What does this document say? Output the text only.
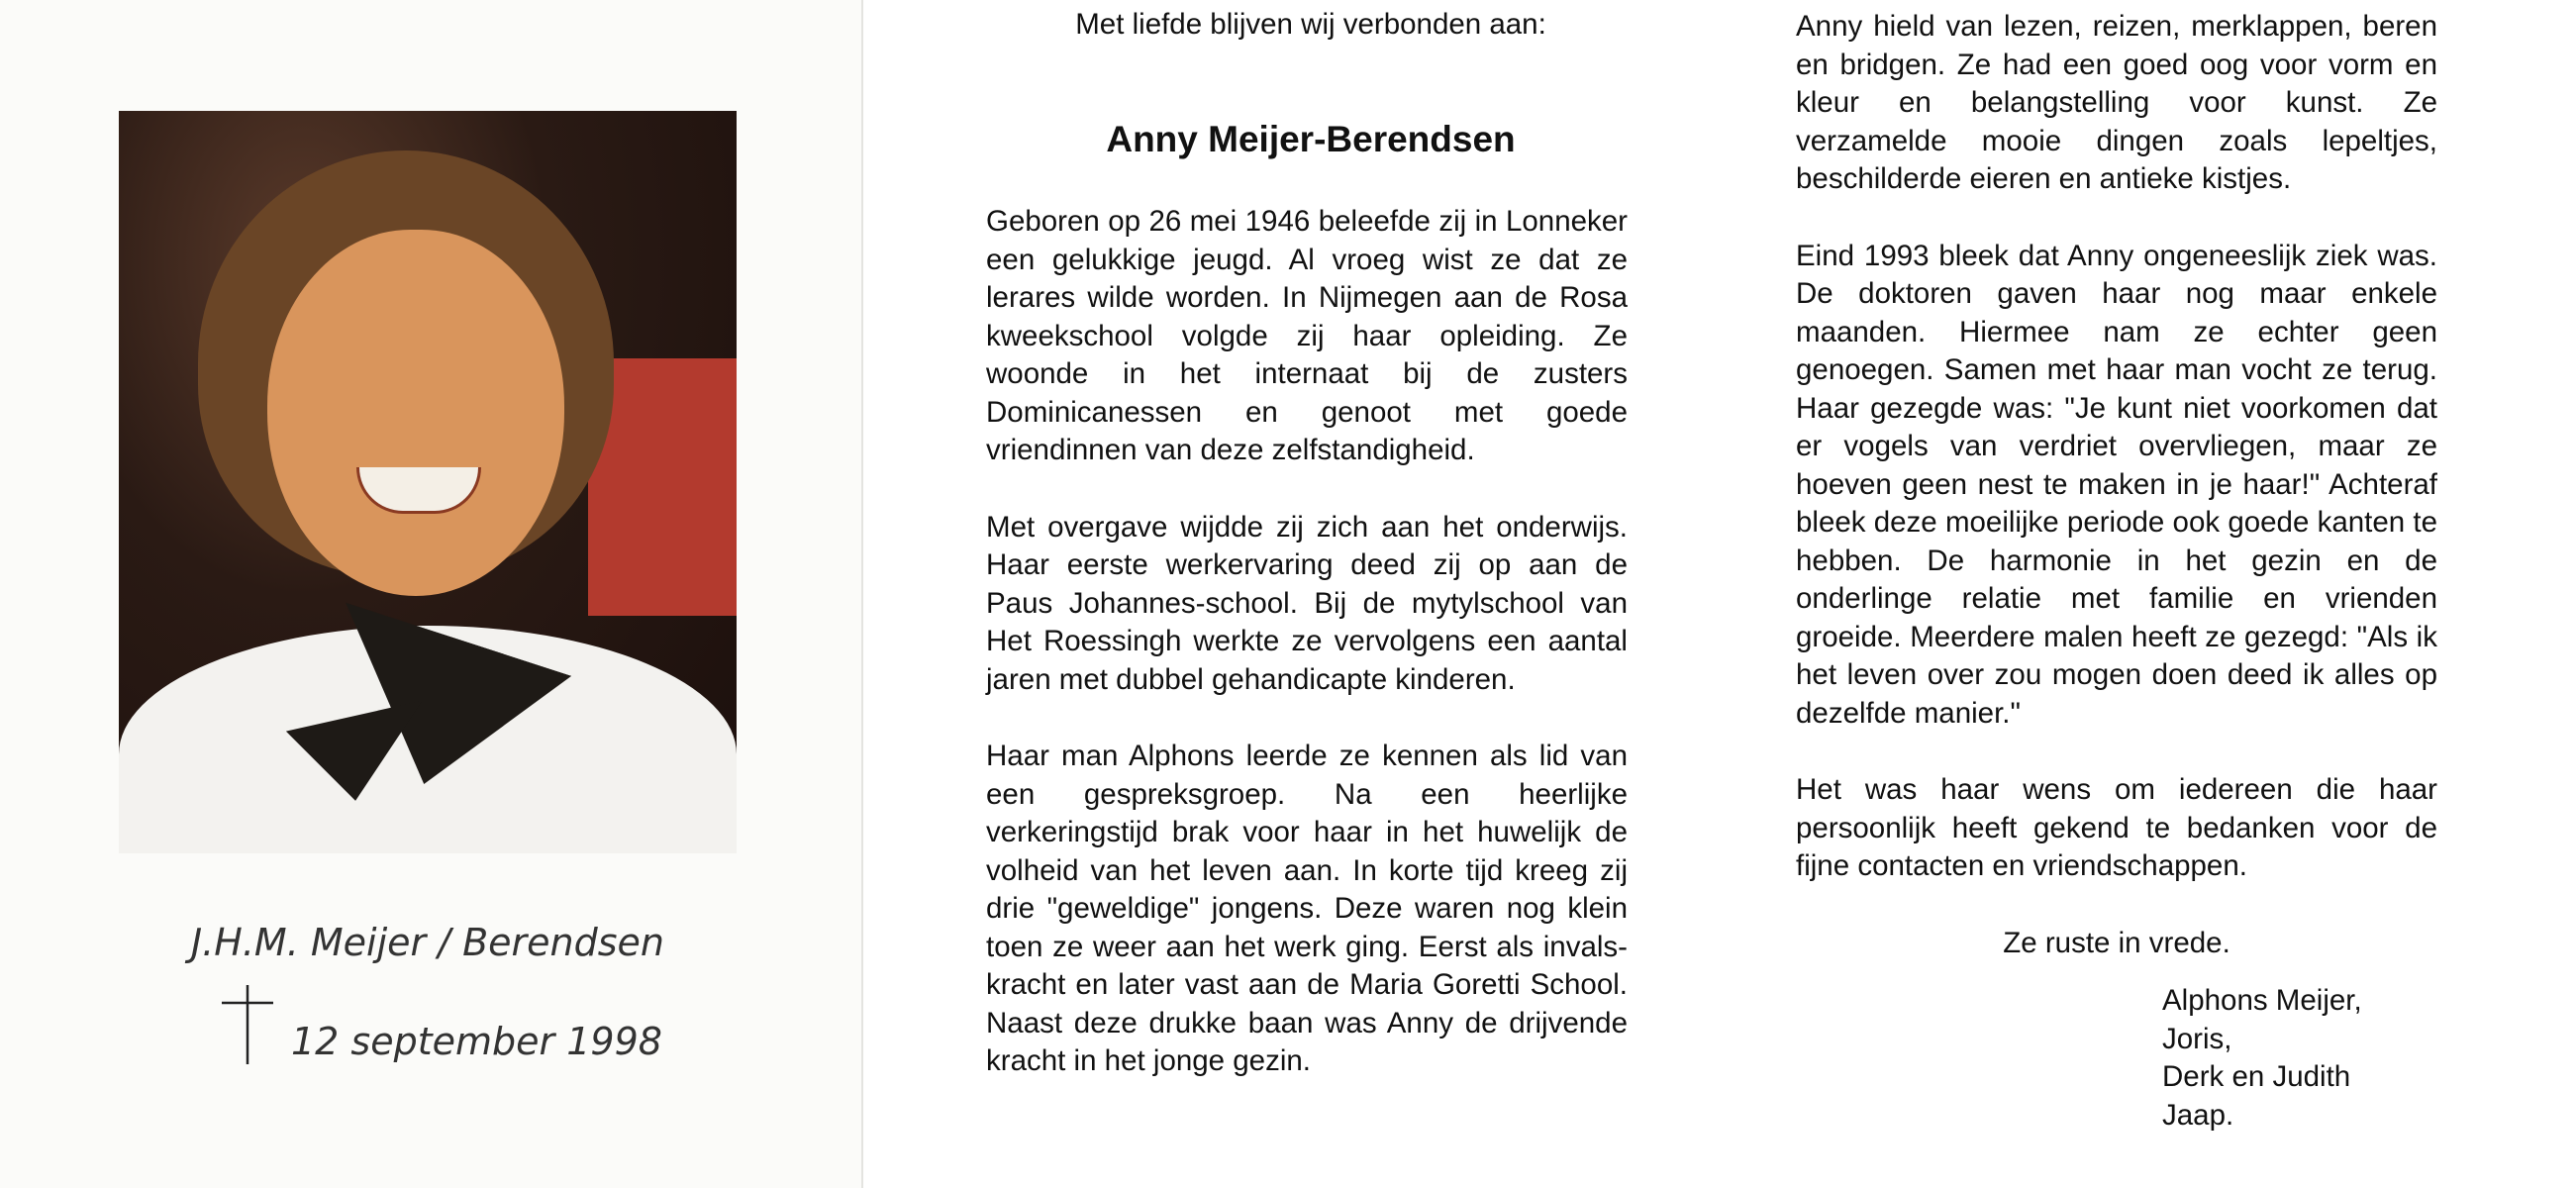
J.H.M. Meijer / Berendsen
12 september 1998
Met liefde blijven wij verbonden aan:
Anny Meijer-Berendsen

Geboren op 26 mei 1946 beleefde zij in Lonneker een gelukkige jeugd. Al vroeg wist ze dat ze lerares wilde worden. In Nijmegen aan de Rosa kweekschool volgde zij haar opleiding. Ze woonde in het internaat bij de zusters Dominicanessen en genoot met goede vriendinnen van deze zelfstandigheid.

Met overgave wijdde zij zich aan het onderwijs. Haar eerste werkervaring deed zij op aan de Paus Johannes-school. Bij de mytylschool van Het Roessingh werkte ze vervolgens een aantal jaren met dubbel gehandicapte kinderen.

Haar man Alphons leerde ze kennen als lid van een gespreksgroep. Na een heerlijke verkeringstijd brak voor haar in het huwelijk de volheid van het leven aan. In korte tijd kreeg zij drie "geweldige" jongens. Deze waren nog klein toen ze weer aan het werk ging. Eerst als invals-kracht en later vast aan de Maria Goretti School. Naast deze drukke baan was Anny de drijvende kracht in het jonge gezin.

Anny hield van lezen, reizen, merklappen, beren en bridgen. Ze had een goed oog voor vorm en kleur en belangstelling voor kunst. Ze verzamelde mooie dingen zoals lepeltjes, beschilderde eieren en antieke kistjes.

Eind 1993 bleek dat Anny ongeneeslijk ziek was. De doktoren gaven haar nog maar enkele maanden. Hiermee nam ze echter geen genoegen. Samen met haar man vocht ze terug. Haar gezegde was: "Je kunt niet voorkomen dat er vogels van verdriet overvliegen, maar ze hoeven geen nest te maken in je haar!" Achteraf bleek deze moeilijke periode ook goede kanten te hebben. De harmonie in het gezin en de onderlinge relatie met familie en vrienden groeide. Meerdere malen heeft ze gezegd: "Als ik het leven over zou mogen doen deed ik alles op dezelfde manier."

Het was haar wens om iedereen die haar persoonlijk heeft gekend te bedanken voor de fijne contacten en vriendschappen.

Ze ruste in vrede.

Alphons Meijer,
Joris,
Derk en Judith
Jaap.
